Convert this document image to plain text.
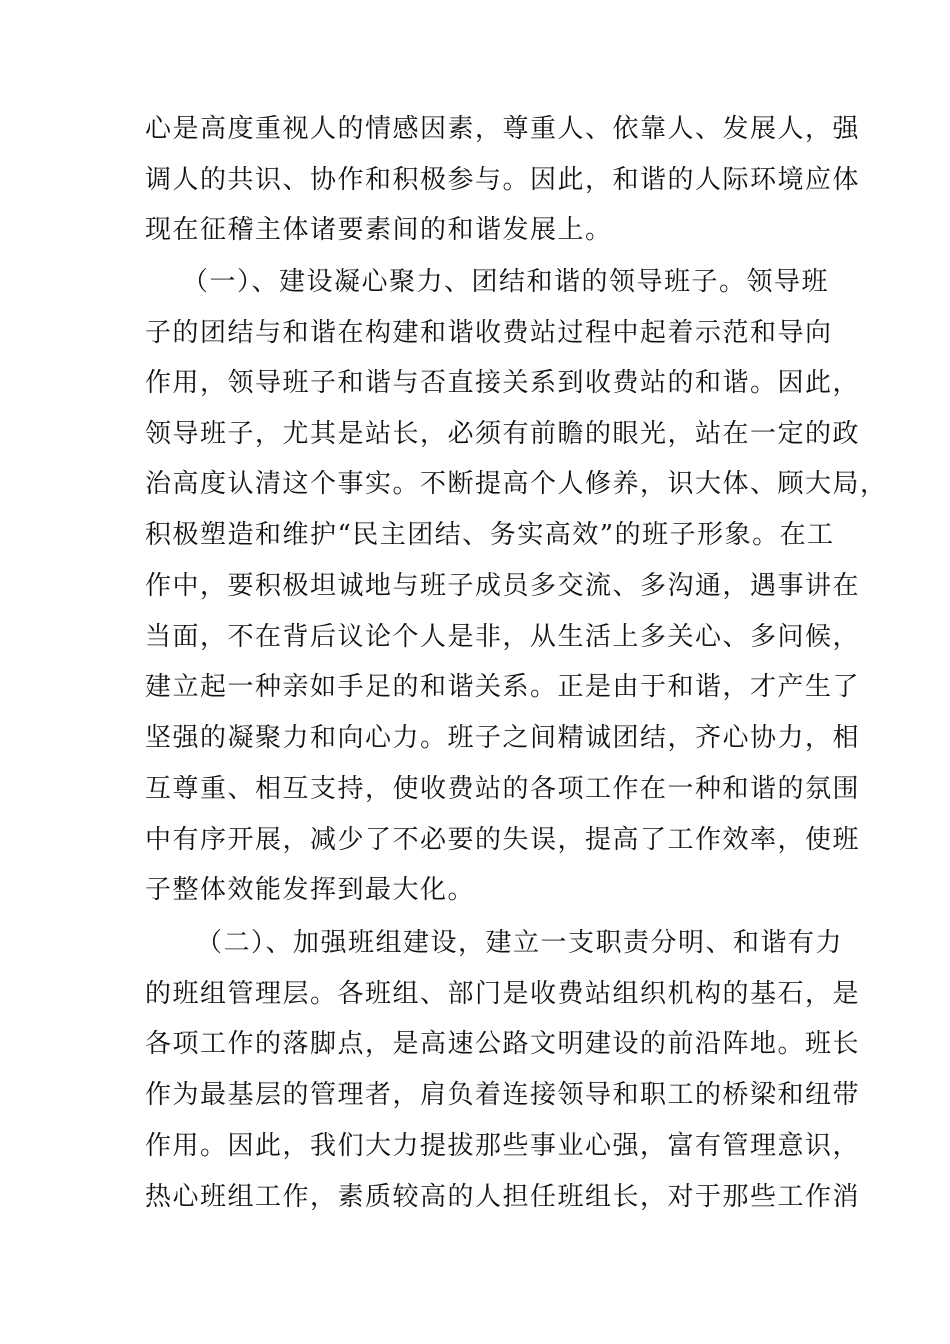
心是高度重视人的情感因素，尊重人、依靠人、发展人，强
调人的共识、协作和积极参与。因此，和谐的人际环境应体
现在征稽主体诸要素间的和谐发展上。
（一）、建设凝心聚力、团结和谐的领导班子。领导班
子的团结与和谐在构建和谐收费站过程中起着示范和导向
作用，领导班子和谐与否直接关系到收费站的和谐。因此，
领导班子，尤其是站长，必须有前瞻的眼光，站在一定的政
治高度认清这个事实。不断提高个人修养，识大体、顾大局，
积极塑造和维护“民主团结、务实高效”的班子形象。在工
作中，要积极坦诚地与班子成员多交流、多沟通，遇事讲在
当面，不在背后议论个人是非，从生活上多关心、多问候，
建立起一种亲如手足的和谐关系。正是由于和谐，才产生了
坚强的凝聚力和向心力。班子之间精诚团结，齐心协力，相
互尊重、相互支持，使收费站的各项工作在一种和谐的氛围
中有序开展，减少了不必要的失误，提高了工作效率，使班
子整体效能发挥到最大化。
（二）、加强班组建设，建立一支职责分明、和谐有力
的班组管理层。各班组、部门是收费站组织机构的基石，是
各项工作的落脚点，是高速公路文明建设的前沿阵地。班长
作为最基层的管理者，肩负着连接领导和职工的桥梁和纽带
作用。因此，我们大力提拔那些事业心强，富有管理意识，
热心班组工作，素质较高的人担任班组长，对于那些工作消
